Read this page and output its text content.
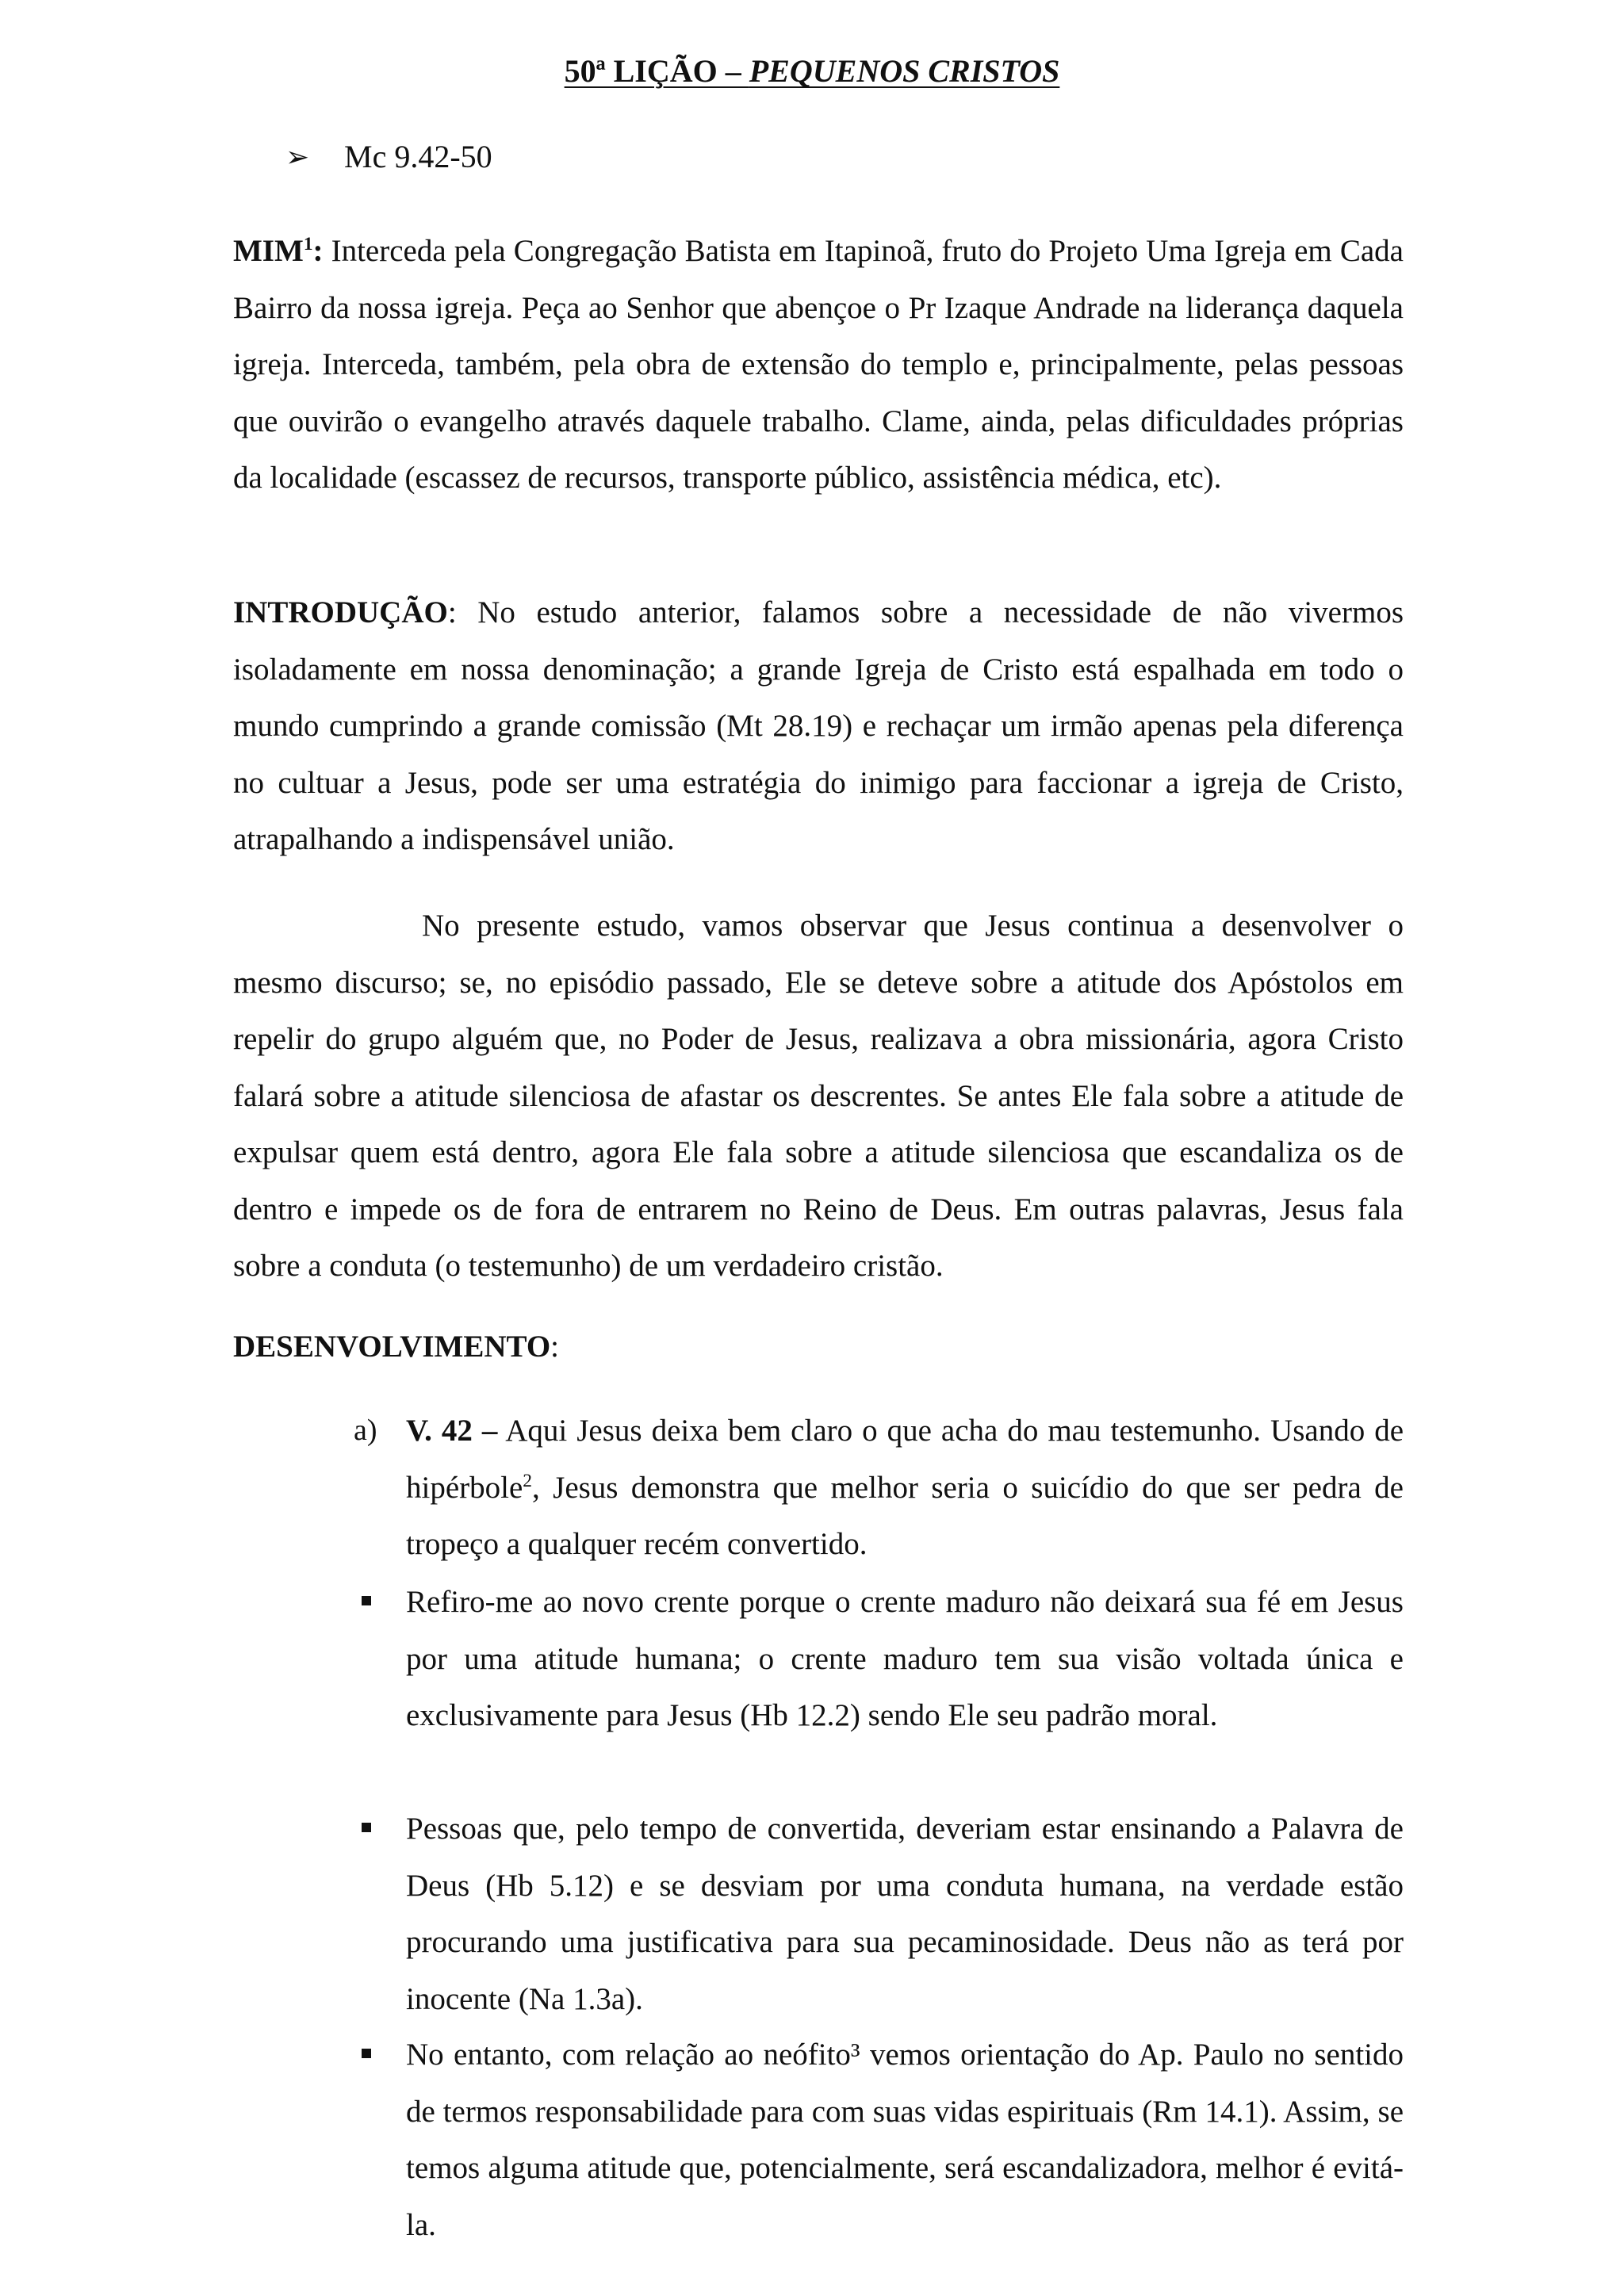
50ª LIÇÃO – PEQUENOS CRISTOS
➢	Mc 9.42-50
MIM$^1$: Interceda pela Congregação Batista em Itapinoã, fruto do Projeto Uma Igreja em Cada Bairro da nossa igreja. Peça ao Senhor que abençoe o Pr Izaque Andrade na liderança daquela igreja. Interceda, também, pela obra de extensão do templo e, principalmente, pelas pessoas que ouvirão o evangelho através daquele trabalho. Clame, ainda, pelas dificuldades próprias da localidade (escassez de recursos, transporte público, assistência médica, etc).
INTRODUÇÃO: No estudo anterior, falamos sobre a necessidade de não vivermos isoladamente em nossa denominação; a grande Igreja de Cristo está espalhada em todo o mundo cumprindo a grande comissão (Mt 28.19) e rechaçar um irmão apenas pela diferença no cultuar a Jesus, pode ser uma estratégia do inimigo para faccionar a igreja de Cristo, atrapalhando a indispensável união.
No presente estudo, vamos observar que Jesus continua a desenvolver o mesmo discurso; se, no episódio passado, Ele se deteve sobre a atitude dos Apóstolos em repelir do grupo alguém que, no Poder de Jesus, realizava a obra missionária, agora Cristo falará sobre a atitude silenciosa de afastar os descrentes. Se antes Ele fala sobre a atitude de expulsar quem está dentro, agora Ele fala sobre a atitude silenciosa que escandaliza os de dentro e impede os de fora de entrarem no Reino de Deus. Em outras palavras, Jesus fala sobre a conduta (o testemunho) de um verdadeiro cristão.
DESENVOLVIMENTO:
a) V. 42 – Aqui Jesus deixa bem claro o que acha do mau testemunho. Usando de hipérbole$^2$, Jesus demonstra que melhor seria o suicídio do que ser pedra de tropeço a qualquer recém convertido.
Refiro-me ao novo crente porque o crente maduro não deixará sua fé em Jesus por uma atitude humana; o crente maduro tem sua visão voltada única e exclusivamente para Jesus (Hb 12.2) sendo Ele seu padrão moral.
Pessoas que, pelo tempo de convertida, deveriam estar ensinando a Palavra de Deus (Hb 5.12) e se desviam por uma conduta humana, na verdade estão procurando uma justificativa para sua pecaminosidade. Deus não as terá por inocente (Na 1.3a).
No entanto, com relação ao neófito³ vemos orientação do Ap. Paulo no sentido de termos responsabilidade para com suas vidas espirituais (Rm 14.1). Assim, se temos alguma atitude que, potencialmente, será escandalizadora, melhor é evitá-la.
